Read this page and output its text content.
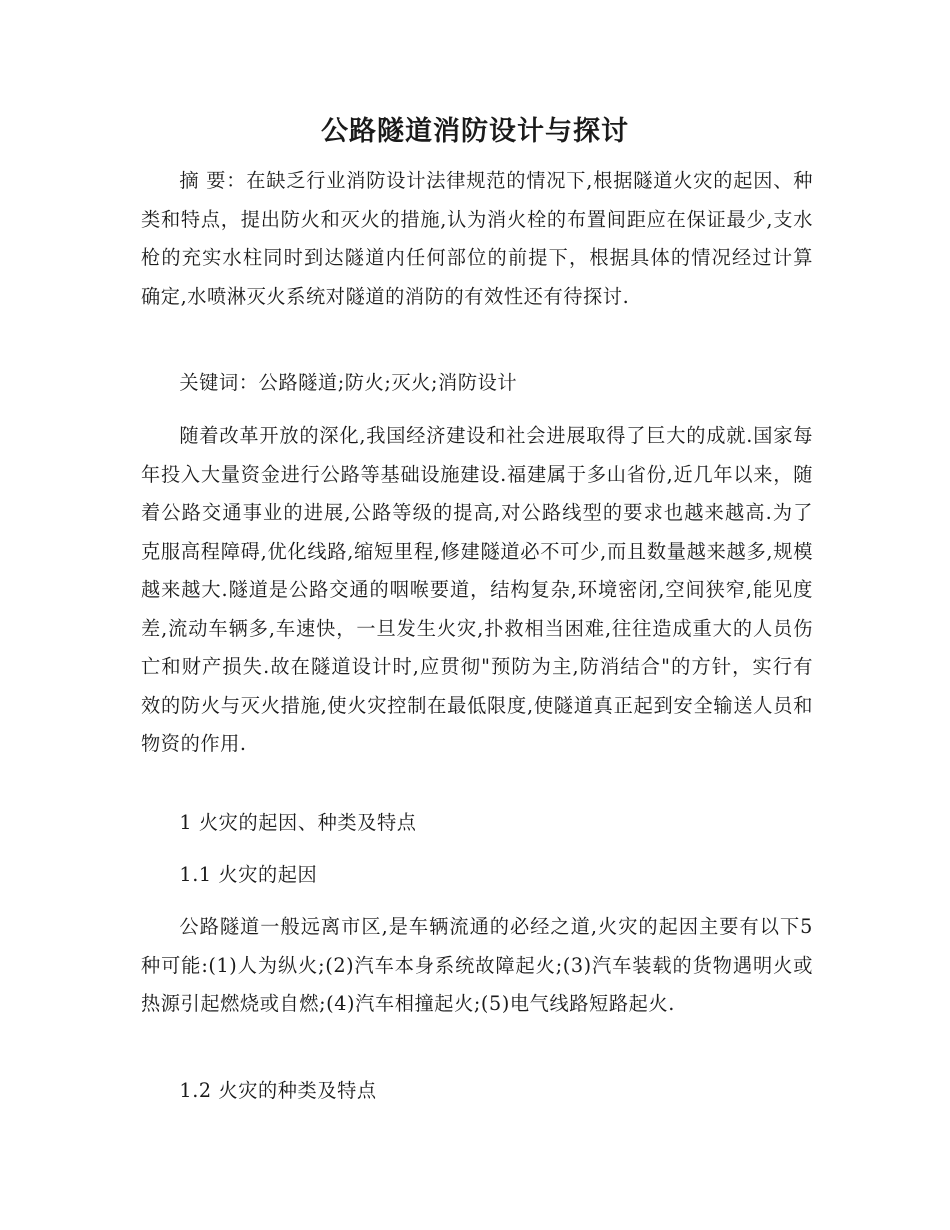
公路隧道消防设计与探讨

摘 要：在缺乏行业消防设计法律规范的情况下,根据隧道火灾的起因、种类和特点，提出防火和灭火的措施,认为消火栓的布置间距应在保证最少,支水枪的充实水柱同时到达隧道内任何部位的前提下，根据具体的情况经过计算确定,水喷淋灭火系统对隧道的消防的有效性还有待探讨.

关键词：公路隧道;防火;灭火;消防设计

随着改革开放的深化,我国经济建设和社会进展取得了巨大的成就.国家每年投入大量资金进行公路等基础设施建设.福建属于多山省份,近几年以来，随着公路交通事业的进展,公路等级的提高,对公路线型的要求也越来越高.为了克服高程障碍,优化线路,缩短里程,修建隧道必不可少,而且数量越来越多,规模越来越大.隧道是公路交通的咽喉要道，结构复杂,环境密闭,空间狭窄,能见度差,流动车辆多,车速快，一旦发生火灾,扑救相当困难,往往造成重大的人员伤亡和财产损失.故在隧道设计时,应贯彻"预防为主,防消结合"的方针，实行有效的防火与灭火措施,使火灾控制在最低限度,使隧道真正起到安全输送人员和物资的作用.

1 火灾的起因、种类及特点

1.1 火灾的起因

公路隧道一般远离市区,是车辆流通的必经之道,火灾的起因主要有以下5 种可能:(1)人为纵火;(2)汽车本身系统故障起火;(3)汽车装载的货物遇明火或热源引起燃烧或自燃;(4)汽车相撞起火;(5)电气线路短路起火.

1.2 火灾的种类及特点
